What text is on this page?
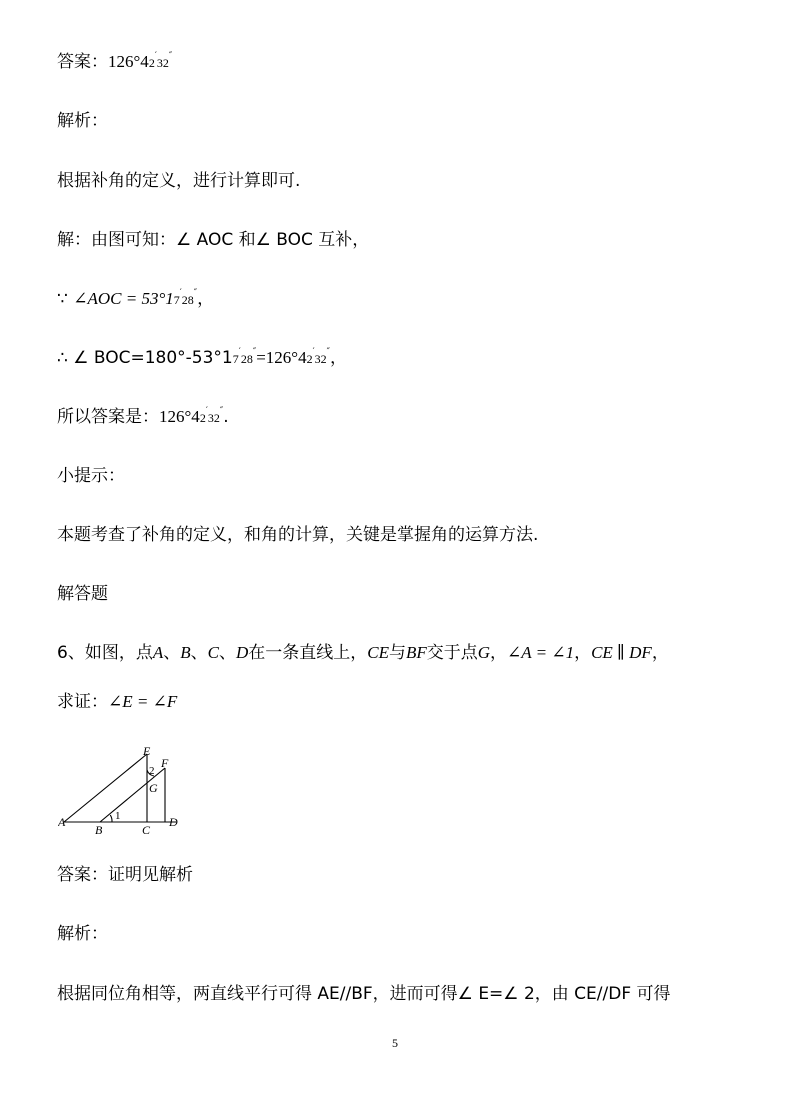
答案：126°42′32″
解析：
根据补角的定义，进行计算即可.
解：由图可知：∠ AOC 和∠ BOC 互补，
∵ ∠AOC = 53°17′28″，
∴ ∠ BOC=180°-53°17′28″=126°42′32″，
所以答案是：126°42′32″.
小提示：
本题考查了补角的定义，和角的计算，关键是掌握角的运算方法.
解答题
6、如图，点A、B、C、D在一条直线上，CE与BF交于点G，∠A = ∠1，CE ∥ DF，
求证：∠E = ∠F
A
B	C
D
E
F
G
1
2
答案：证明见解析
解析：
根据同位角相等，两直线平行可得 AE//BF，进而可得∠ E=∠ 2，由 CE//DF 可得
5
